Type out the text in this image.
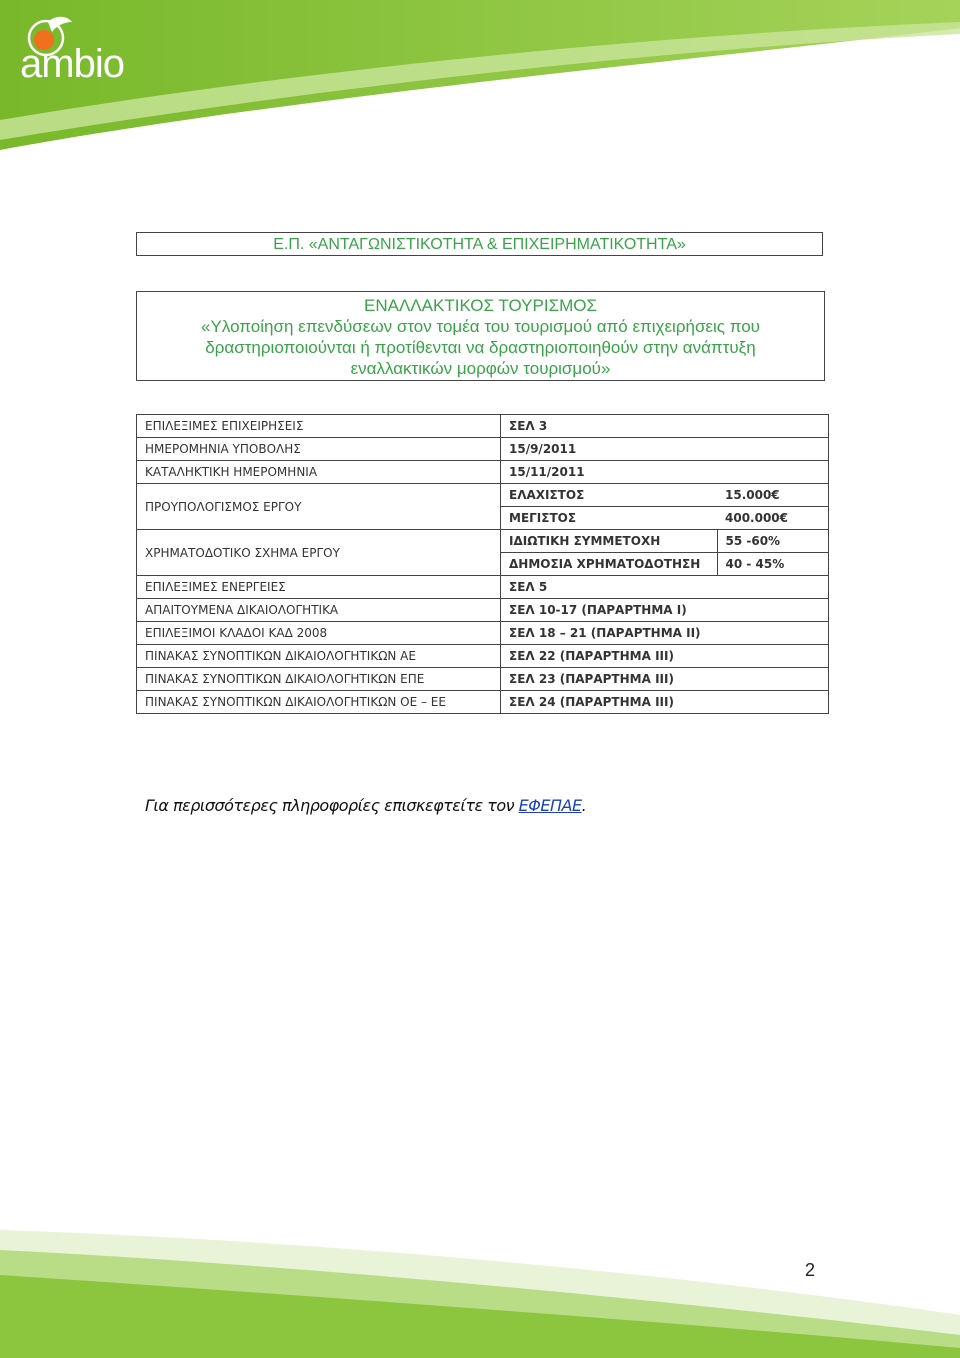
ambio
Ε.Π. «ΑΝΤΑΓΩΝΙΣΤΙΚΟΤΗΤΑ & ΕΠΙΧΕΙΡΗΜΑΤΙΚΟΤΗΤΑ»
ΕΝΑΛΛΑΚΤΙΚΟΣ ΤΟΥΡΙΣΜΟΣ
«Υλοποίηση επενδύσεων στον τομέα του τουρισμού από επιχειρήσεις που
δραστηριοποιούνται ή προτίθενται να δραστηριοποιηθούν στην ανάπτυξη
εναλλακτικών μορφών τουρισμού»
ΕΠΙΛΕΞΙΜΕΣ ΕΠΙΧΕΙΡΗΣΕΙΣ	ΣΕΛ 3	
ΗΜΕΡΟΜΗΝΙΑ ΥΠΟΒΟΛΗΣ	15/9/2011	
ΚΑΤΑΛΗΚΤΙΚΗ ΗΜΕΡΟΜΗΝΙΑ	15/11/2011	
ΠΡΟΥΠΟΛΟΓΙΣΜΟΣ ΕΡΓΟΥ	ΕΛΑΧΙΣΤΟΣ	15.000€
	ΜΕΓΙΣΤΟΣ	400.000€
ΧΡΗΜΑΤΟΔΟΤΙΚΟ ΣΧΗΜΑ ΕΡΓΟΥ	ΙΔΙΩΤΙΚΗ ΣΥΜΜΕΤΟΧΗ	55 -60%
	ΔΗΜΟΣΙΑ ΧΡΗΜΑΤΟΔΟΤΗΣΗ	40 - 45%
ΕΠΙΛΕΞΙΜΕΣ ΕΝΕΡΓΕΙΕΣ	ΣΕΛ 5	
ΑΠΑΙΤΟΥΜΕΝΑ ΔΙΚΑΙΟΛΟΓΗΤΙΚΑ	ΣΕΛ 10-17 (ΠΑΡΑΡΤΗΜΑ Ι)	
ΕΠΙΛΕΞΙΜΟΙ ΚΛΑΔΟΙ ΚΑΔ 2008	ΣΕΛ 18 – 21 (ΠΑΡΑΡΤΗΜΑ ΙΙ)	
ΠΙΝΑΚΑΣ ΣΥΝΟΠΤΙΚΩΝ ΔΙΚΑΙΟΛΟΓΗΤΙΚΩΝ ΑΕ	ΣΕΛ 22 (ΠΑΡΑΡΤΗΜΑ ΙΙΙ)	
ΠΙΝΑΚΑΣ ΣΥΝΟΠΤΙΚΩΝ ΔΙΚΑΙΟΛΟΓΗΤΙΚΩΝ ΕΠΕ	ΣΕΛ 23 (ΠΑΡΑΡΤΗΜΑ ΙΙΙ)	
ΠΙΝΑΚΑΣ ΣΥΝΟΠΤΙΚΩΝ ΔΙΚΑΙΟΛΟΓΗΤΙΚΩΝ ΟΕ – ΕΕ	ΣΕΛ 24 (ΠΑΡΑΡΤΗΜΑ ΙΙΙ)	
Για περισσότερες πληροφορίες επισκεφτείτε τον ΕΦΕΠΑΕ.
2
